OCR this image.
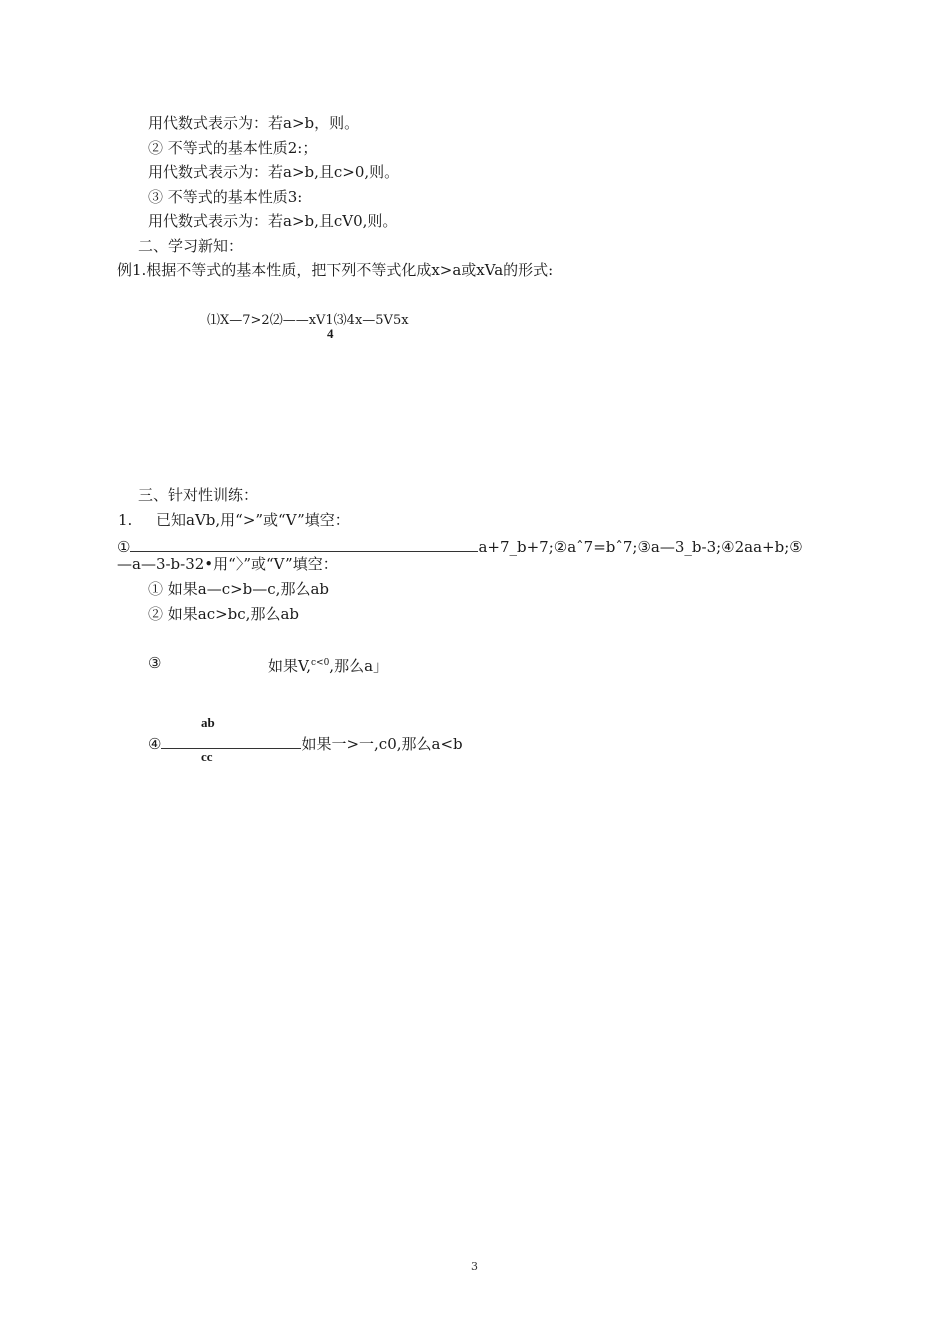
用代数式表示为：若a>b，则。
② 不等式的基本性质2:；
用代数式表示为：若a>b,且c>0,则。
③ 不等式的基本性质3:
用代数式表示为：若a>b,且cV0,则。
二、学习新知：
例1.根据不等式的基本性质，把下列不等式化成x>a或xVa的形式:
⑴X—7>2⑵——xV1⑶4x—5V5x
4
三、针对性训练：
1. 已知aVb,用“>”或“V”填空：
①	a+7_b+7;②aˆ7=bˆ7;③a—3_b-3;④2aa+b;⑤
—a—3-b-32•用“〉”或“V”填空：
① 如果a—c>b—c,那么ab
② 如果ac>bc,那么ab
③	如果V,$^{c<0}$,那么a」
ab
④	如果一>一,c0,那么a<b
cc
3
